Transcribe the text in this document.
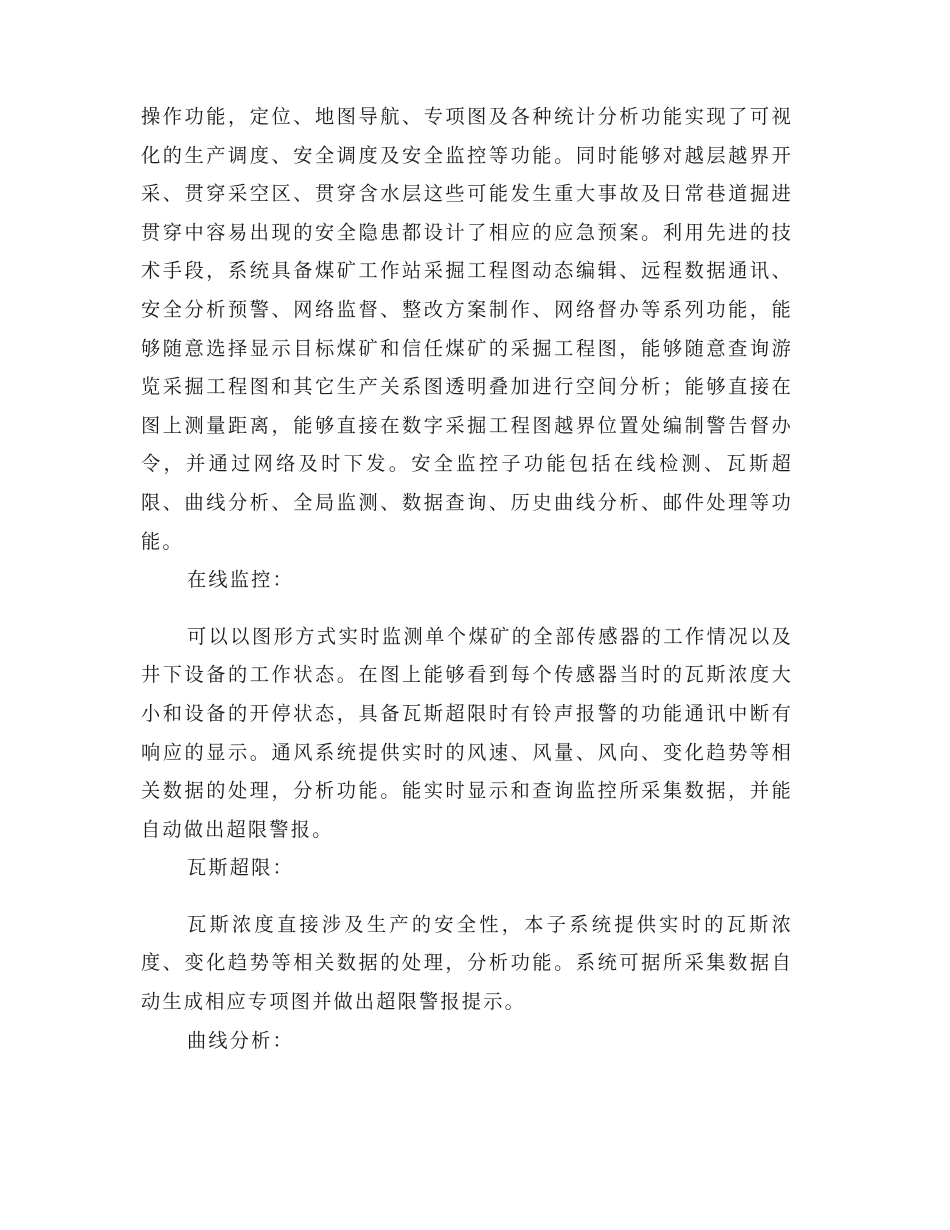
操作功能，定位、地图导航、专项图及各种统计分析功能实现了可视化的生产调度、安全调度及安全监控等功能。同时能够对越层越界开采、贯穿采空区、贯穿含水层这些可能发生重大事故及日常巷道掘进贯穿中容易出现的安全隐患都设计了相应的应急预案。利用先进的技术手段，系统具备煤矿工作站采掘工程图动态编辑、远程数据通讯、安全分析预警、网络监督、整改方案制作、网络督办等系列功能，能够随意选择显示目标煤矿和信任煤矿的采掘工程图，能够随意查询游览采掘工程图和其它生产关系图透明叠加进行空间分析；能够直接在图上测量距离，能够直接在数字采掘工程图越界位置处编制警告督办令，并通过网络及时下发。安全监控子功能包括在线检测、瓦斯超限、曲线分析、全局监测、数据查询、历史曲线分析、邮件处理等功能。

在线监控：

可以以图形方式实时监测单个煤矿的全部传感器的工作情况以及井下设备的工作状态。在图上能够看到每个传感器当时的瓦斯浓度大小和设备的开停状态，具备瓦斯超限时有铃声报警的功能通讯中断有响应的显示。通风系统提供实时的风速、风量、风向、变化趋势等相关数据的处理，分析功能。能实时显示和查询监控所采集数据，并能自动做出超限警报。

瓦斯超限：

瓦斯浓度直接涉及生产的安全性，本子系统提供实时的瓦斯浓度、变化趋势等相关数据的处理，分析功能。系统可据所采集数据自动生成相应专项图并做出超限警报提示。

曲线分析：
